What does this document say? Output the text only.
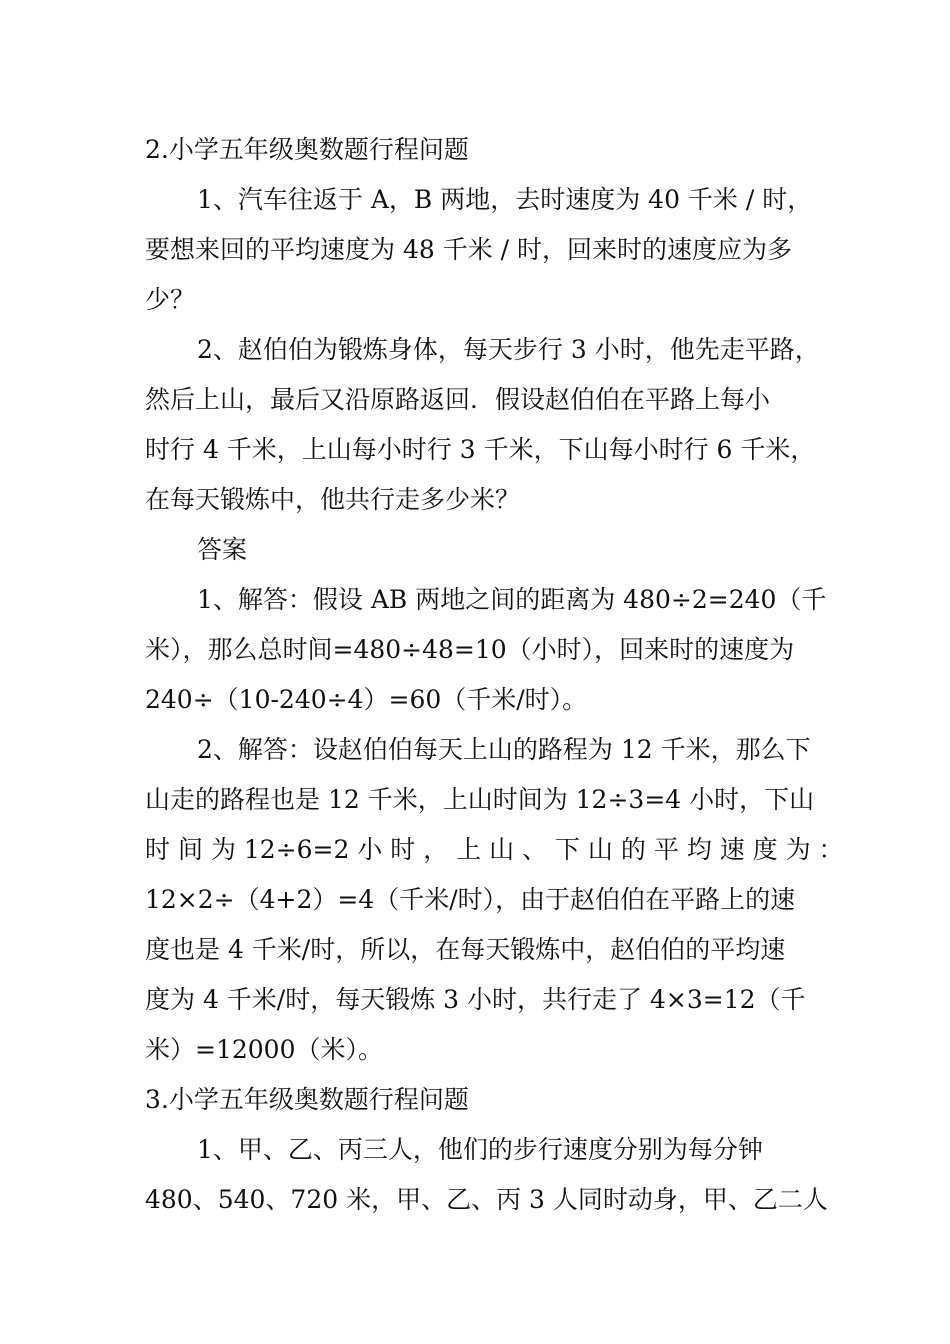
2.小学五年级奥数题行程问题
1、汽车往返于 A，B 两地，去时速度为 40 千米 / 时，
要想来回的平均速度为 48 千米 / 时，回来时的速度应为多
少？
2、赵伯伯为锻炼身体，每天步行 3 小时，他先走平路，
然后上山，最后又沿原路返回．假设赵伯伯在平路上每小
时行 4 千米，上山每小时行 3 千米，下山每小时行 6 千米，
在每天锻炼中，他共行走多少米？
答案
1、解答：假设 AB 两地之间的距离为 480÷2=240（千
米），那么总时间=480÷48=10（小时），回来时的速度为
240÷（10-240÷4）=60（千米/时）。
2、解答：设赵伯伯每天上山的路程为 12 千米，那么下
山走的路程也是 12 千米，上山时间为 12÷3=4 小时，下山
时 间 为 12÷6=2 小 时 ， 上 山 、 下 山 的 平 均 速 度 为 ：
12×2÷（4+2）=4（千米/时），由于赵伯伯在平路上的速
度也是 4 千米/时，所以，在每天锻炼中，赵伯伯的平均速
度为 4 千米/时，每天锻炼 3 小时，共行走了 4×3=12（千
米）=12000（米）。
3.小学五年级奥数题行程问题
1、甲、乙、丙三人，他们的步行速度分别为每分钟
480、540、720 米，甲、乙、丙 3 人同时动身，甲、乙二人
